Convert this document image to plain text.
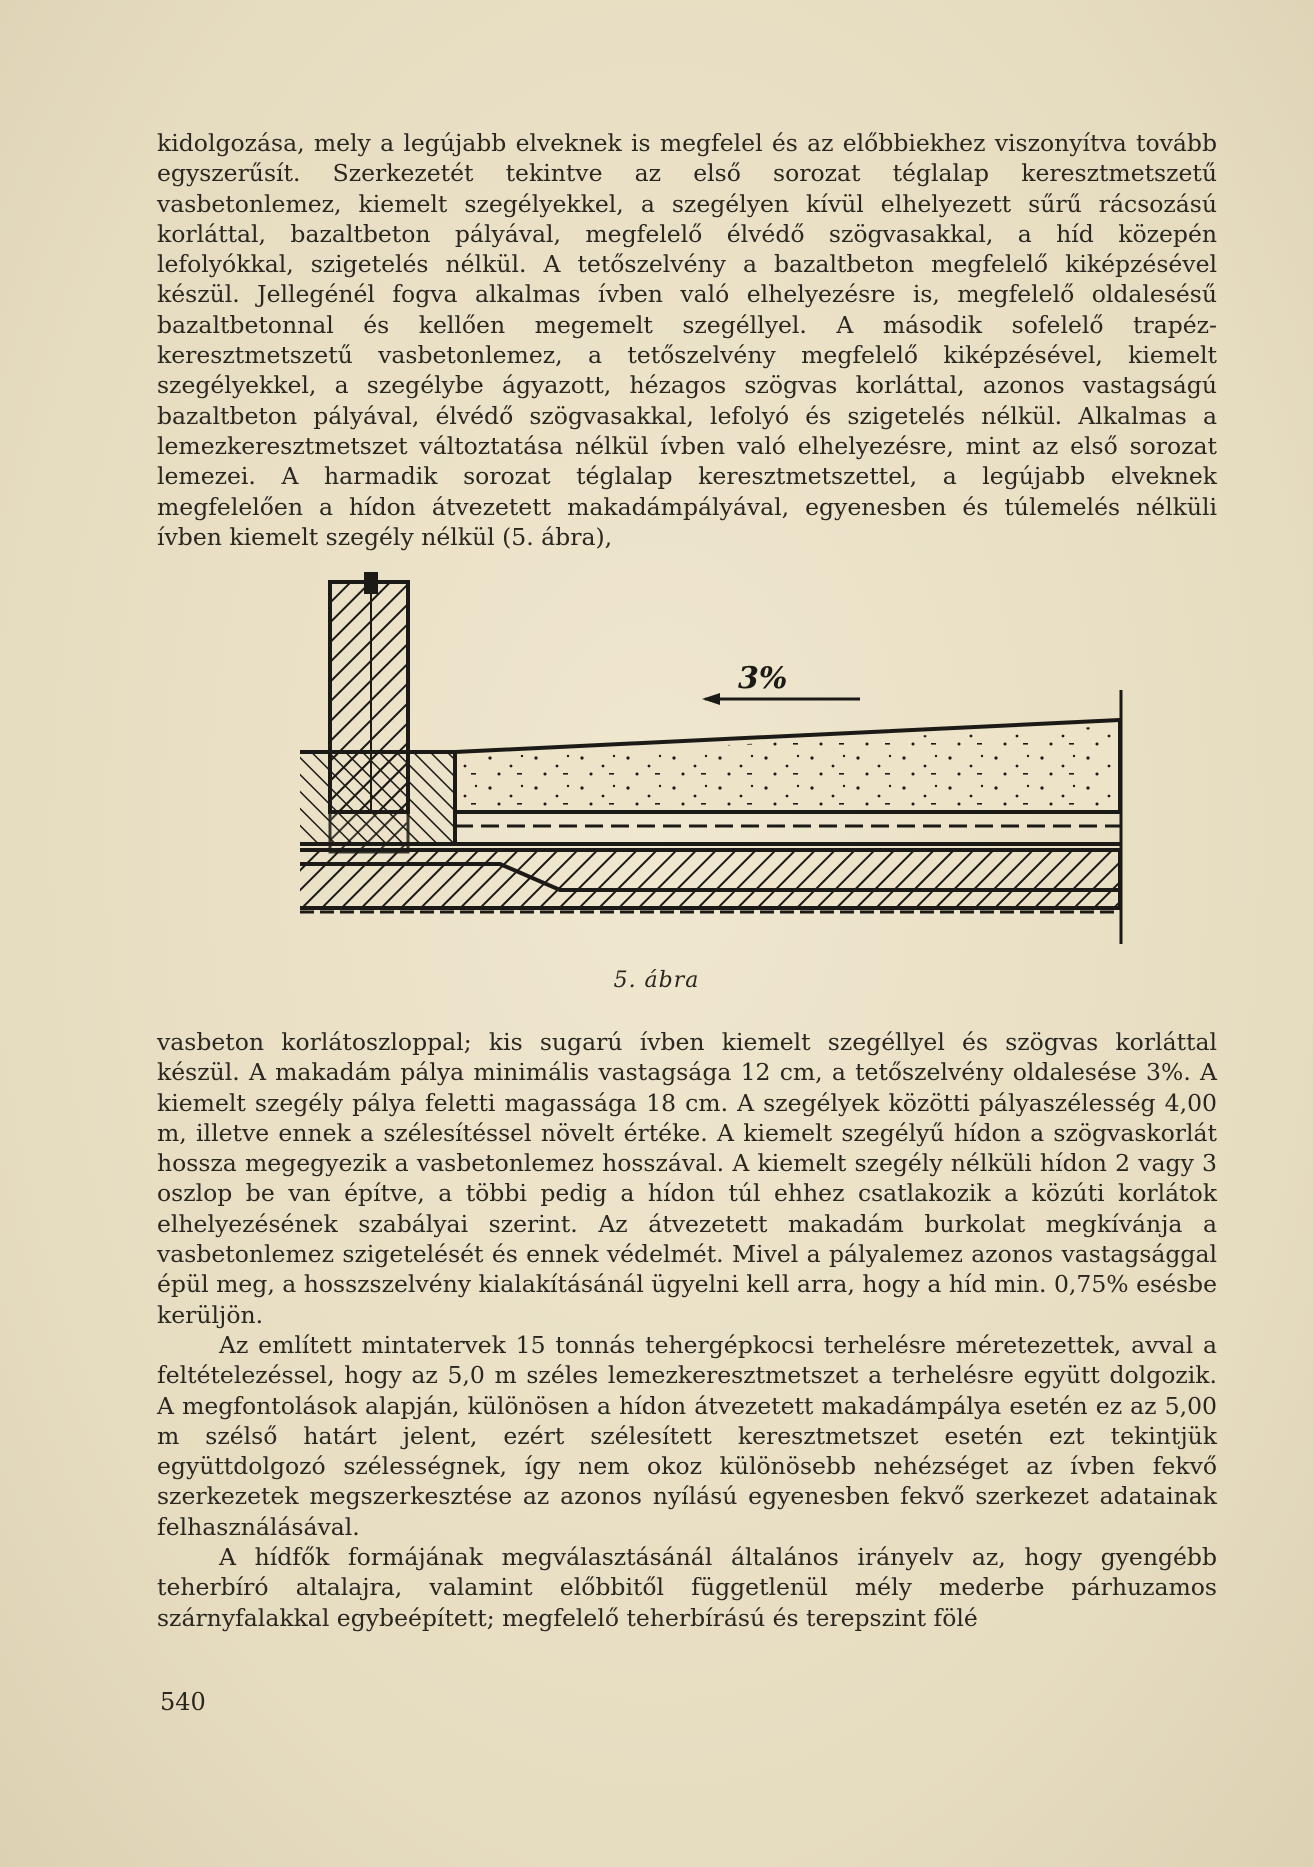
kidolgozása, mely a legújabb elveknek is megfelel és az előbbiekhez viszonyítva tovább egyszerűsít. Szerkezetét tekintve az első sorozat téglalap keresztmetszetű vasbetonlemez, kiemelt szegélyekkel, a szegélyen kívül elhelyezett sűrű rácsozású korláttal, bazaltbeton pályával, megfelelő élvédő szögvasakkal, a híd közepén lefolyókkal, szigetelés nélkül. A tetőszelvény a bazaltbeton megfelelő kiképzésével készül. Jellegénél fogva alkalmas ívben való elhelyezésre is, megfelelő oldalesésű bazaltbetonnal és kellően megemelt szegéllyel. A második sofelelő trapéz-keresztmetszetű vasbetonlemez, a tetőszelvény megfelelő kiképzésével, kiemelt szegélyekkel, a szegélybe ágyazott, hézagos szögvas korláttal, azonos vastagságú bazaltbeton pályával, élvédő szögvasakkal, lefolyó és szigetelés nélkül. Alkalmas a lemezkeresztmetszet változtatása nélkül ívben való elhelyezésre, mint az első sorozat lemezei. A harmadik sorozat téglalap keresztmetszettel, a legújabb elveknek megfelelően a hídon átvezetett makadámpályával, egyenesben és túlemelés nélküli ívben kiemelt szegély nélkül (5. ábra),

3%
5. ábra

vasbeton korlátoszloppal; kis sugarú ívben kiemelt szegéllyel és szögvas korláttal készül. A makadám pálya minimális vastagsága 12 cm, a tetőszelvény oldalesése 3%. A kiemelt szegély pálya feletti magassága 18 cm. A szegélyek közötti pályaszélesség 4,00 m, illetve ennek a szélesítéssel növelt értéke. A kiemelt szegélyű hídon a szögvaskorlát hossza megegyezik a vasbetonlemez hosszával. A kiemelt szegély nélküli hídon 2 vagy 3 oszlop be van építve, a többi pedig a hídon túl ehhez csatlakozik a közúti korlátok elhelyezésének szabályai szerint. Az átvezetett makadám burkolat megkívánja a vasbetonlemez szigetelését és ennek védelmét. Mivel a pályalemez azonos vastagsággal épül meg, a hosszszelvény kialakításánál ügyelni kell arra, hogy a híd min. 0,75% esésbe kerüljön.

Az említett mintatervek 15 tonnás tehergépkocsi terhelésre méretezettek, avval a feltételezéssel, hogy az 5,0 m széles lemezkeresztmetszet a terhelésre együtt dolgozik. A megfontolások alapján, különösen a hídon átvezetett makadámpálya esetén ez az 5,00 m szélső határt jelent, ezért szélesített keresztmetszet esetén ezt tekintjük együttdolgozó szélességnek, így nem okoz különösebb nehézséget az ívben fekvő szerkezetek megszerkesztése az azonos nyílású egyenesben fekvő szerkezet adatainak felhasználásával.

A hídfők formájának megválasztásánál általános irányelv az, hogy gyengébb teherbíró altalajra, valamint előbbitől függetlenül mély mederbe párhuzamos szárnyfalakkal egybeépített; megfelelő teherbírású és terepszint fölé

540
